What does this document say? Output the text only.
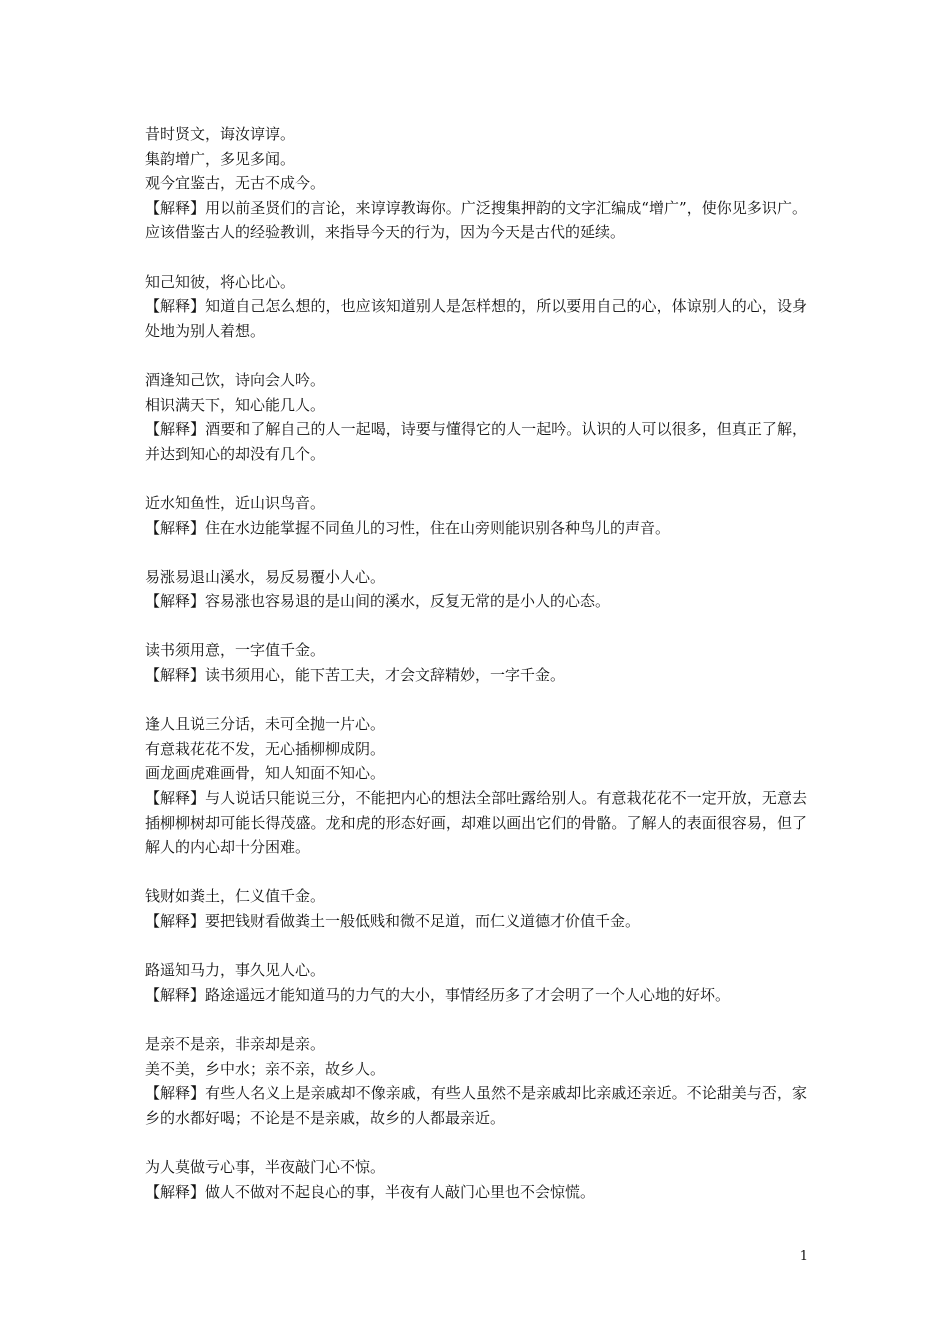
昔时贤文，诲汝谆谆。
集韵增广，多见多闻。
观今宜鉴古，无古不成今。
【解释】用以前圣贤们的言论，来谆谆教诲你。广泛搜集押韵的文字汇编成“增广”，使你见多识广。应该借鉴古人的经验教训，来指导今天的行为，因为今天是古代的延续。
知己知彼，将心比心。
【解释】知道自己怎么想的，也应该知道别人是怎样想的，所以要用自己的心，体谅别人的心，设身处地为别人着想。
酒逢知己饮，诗向会人吟。
相识满天下，知心能几人。
【解释】酒要和了解自己的人一起喝，诗要与懂得它的人一起吟。认识的人可以很多，但真正了解，并达到知心的却没有几个。
近水知鱼性，近山识鸟音。
【解释】住在水边能掌握不同鱼儿的习性，住在山旁则能识别各种鸟儿的声音。
易涨易退山溪水，易反易覆小人心。
【解释】容易涨也容易退的是山间的溪水，反复无常的是小人的心态。
读书须用意，一字值千金。
【解释】读书须用心，能下苦工夫，才会文辞精妙，一字千金。
逢人且说三分话，未可全抛一片心。
有意栽花花不发，无心插柳柳成阴。
画龙画虎难画骨，知人知面不知心。
【解释】与人说话只能说三分，不能把内心的想法全部吐露给别人。有意栽花花不一定开放，无意去插柳柳树却可能长得茂盛。龙和虎的形态好画，却难以画出它们的骨骼。了解人的表面很容易，但了解人的内心却十分困难。
钱财如粪土，仁义值千金。
【解释】要把钱财看做粪土一般低贱和微不足道，而仁义道德才价值千金。
路遥知马力，事久见人心。
【解释】路途遥远才能知道马的力气的大小，事情经历多了才会明了一个人心地的好坏。
是亲不是亲，非亲却是亲。
美不美，乡中水；亲不亲，故乡人。
【解释】有些人名义上是亲戚却不像亲戚，有些人虽然不是亲戚却比亲戚还亲近。不论甜美与否，家乡的水都好喝；不论是不是亲戚，故乡的人都最亲近。
为人莫做亏心事，半夜敲门心不惊。
【解释】做人不做对不起良心的事，半夜有人敲门心里也不会惊慌。
1
